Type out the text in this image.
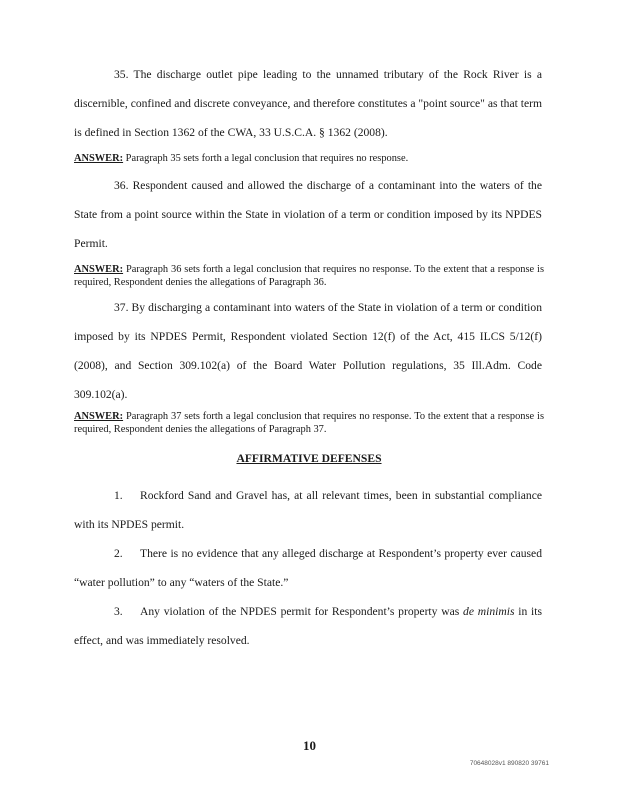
35. The discharge outlet pipe leading to the unnamed tributary of the Rock River is a discernible, confined and discrete conveyance, and therefore constitutes a "point source" as that term is defined in Section 1362 of the CWA, 33 U.S.C.A. § 1362 (2008).
ANSWER: Paragraph 35 sets forth a legal conclusion that requires no response.
36. Respondent caused and allowed the discharge of a contaminant into the waters of the State from a point source within the State in violation of a term or condition imposed by its NPDES Permit.
ANSWER: Paragraph 36 sets forth a legal conclusion that requires no response. To the extent that a response is required, Respondent denies the allegations of Paragraph 36.
37. By discharging a contaminant into waters of the State in violation of a term or condition imposed by its NPDES Permit, Respondent violated Section 12(f) of the Act, 415 ILCS 5/12(f) (2008), and Section 309.102(a) of the Board Water Pollution regulations, 35 Ill.Adm. Code 309.102(a).
ANSWER: Paragraph 37 sets forth a legal conclusion that requires no response. To the extent that a response is required, Respondent denies the allegations of Paragraph 37.
AFFIRMATIVE DEFENSES
1. Rockford Sand and Gravel has, at all relevant times, been in substantial compliance with its NPDES permit.
2. There is no evidence that any alleged discharge at Respondent’s property ever caused “water pollution” to any “waters of the State.”
3. Any violation of the NPDES permit for Respondent’s property was de minimis in its effect, and was immediately resolved.
10
70648028v1 890820 39761
